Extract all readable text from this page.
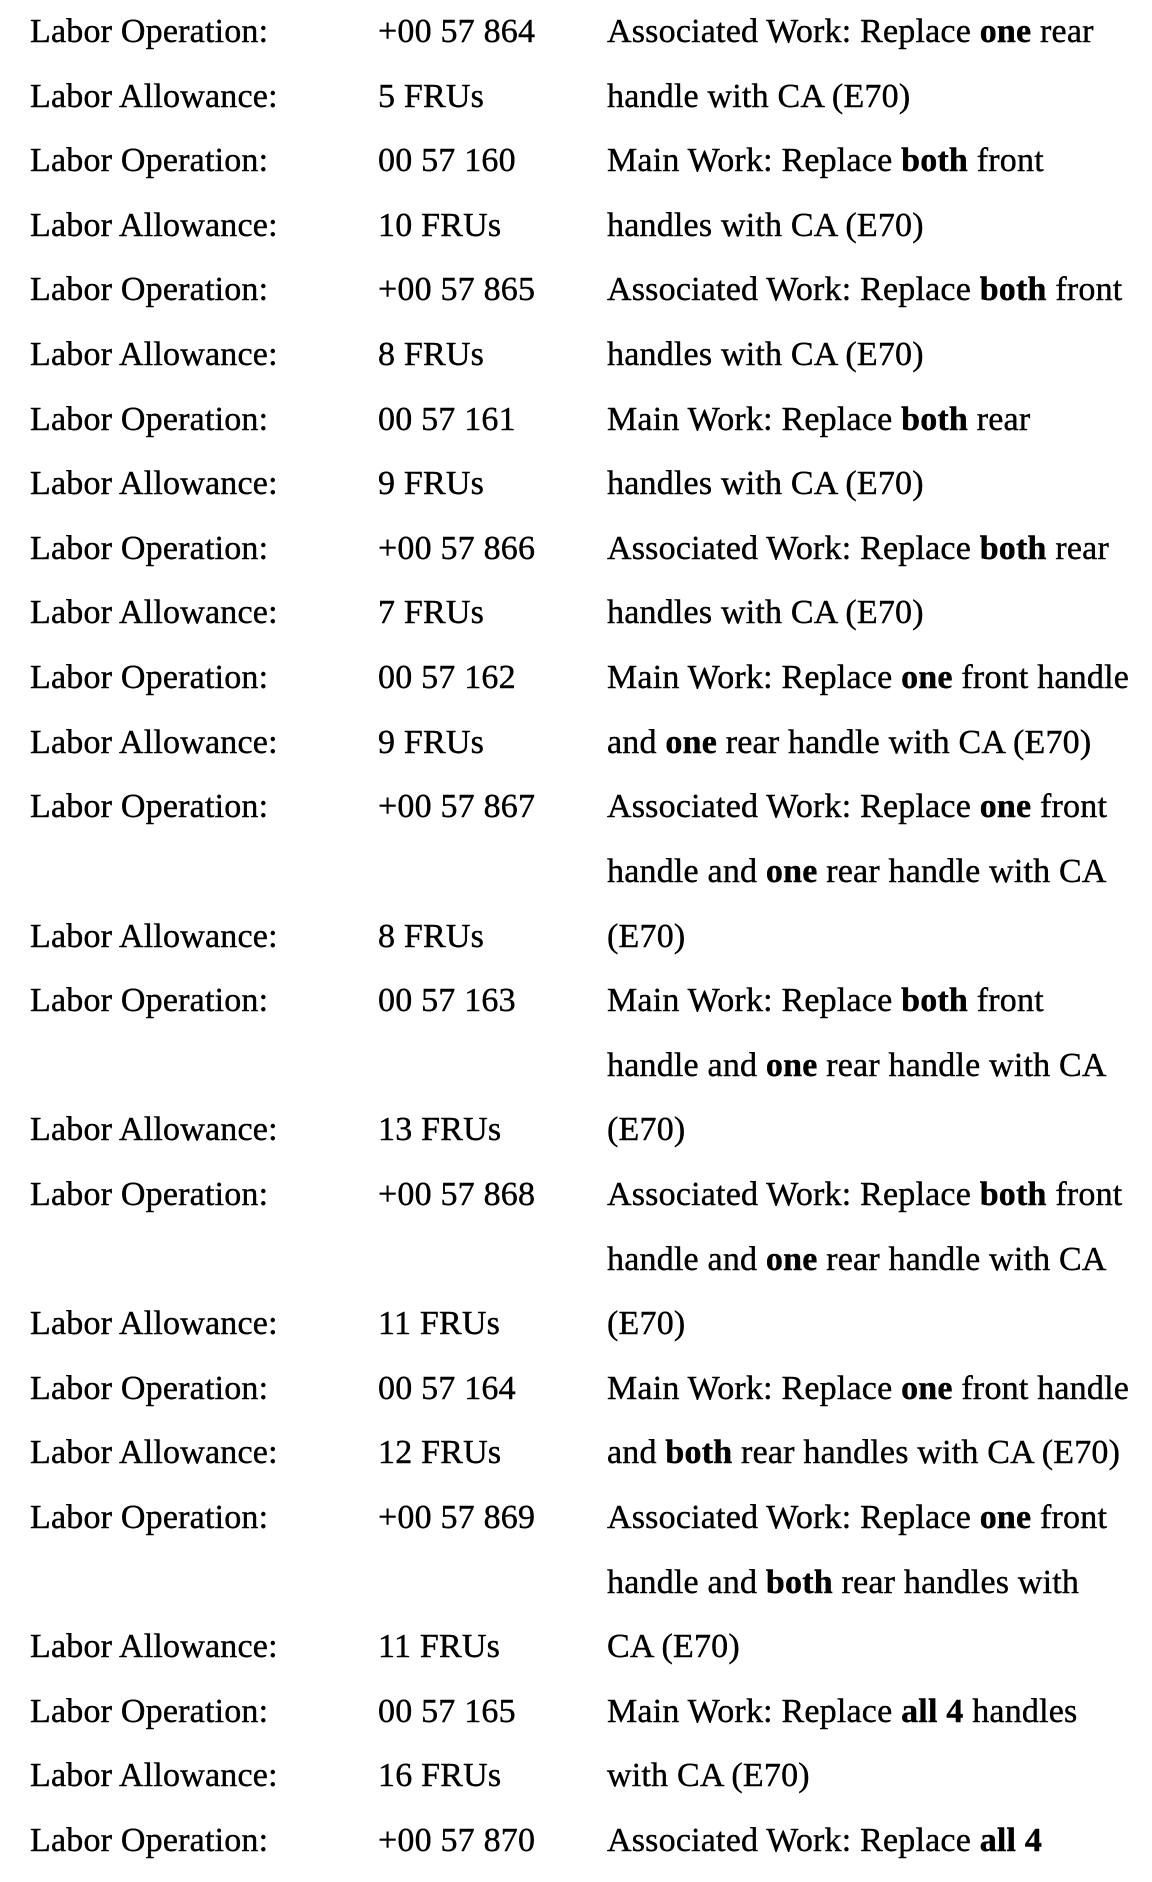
Labor Operation:	+00 57 864	Associated Work: Replace one rear
Labor Allowance:	5 FRUs	handle with CA (E70)
Labor Operation:	00 57 160	Main Work: Replace both front
Labor Allowance:	10 FRUs	handles with CA (E70)
Labor Operation:	+00 57 865	Associated Work: Replace both front
Labor Allowance:	8 FRUs	handles with CA (E70)
Labor Operation:	00 57 161	Main Work: Replace both rear
Labor Allowance:	9 FRUs	handles with CA (E70)
Labor Operation:	+00 57 866	Associated Work: Replace both rear
Labor Allowance:	7 FRUs	handles with CA (E70)
Labor Operation:	00 57 162	Main Work: Replace one front handle
Labor Allowance:	9 FRUs	and one rear handle with CA (E70)
Labor Operation:	+00 57 867	Associated Work: Replace one front
handle and one rear handle with CA
Labor Allowance:	8 FRUs	(E70)
Labor Operation:	00 57 163	Main Work: Replace both front
handle and one rear handle with CA
Labor Allowance:	13 FRUs	(E70)
Labor Operation:	+00 57 868	Associated Work: Replace both front
handle and one rear handle with CA
Labor Allowance:	11 FRUs	(E70)
Labor Operation:	00 57 164	Main Work: Replace one front handle
Labor Allowance:	12 FRUs	and both rear handles with CA (E70)
Labor Operation:	+00 57 869	Associated Work: Replace one front
handle and both rear handles with
Labor Allowance:	11 FRUs	CA (E70)
Labor Operation:	00 57 165	Main Work: Replace all 4 handles
Labor Allowance:	16 FRUs	with CA (E70)
Labor Operation:	+00 57 870	Associated Work: Replace all 4
